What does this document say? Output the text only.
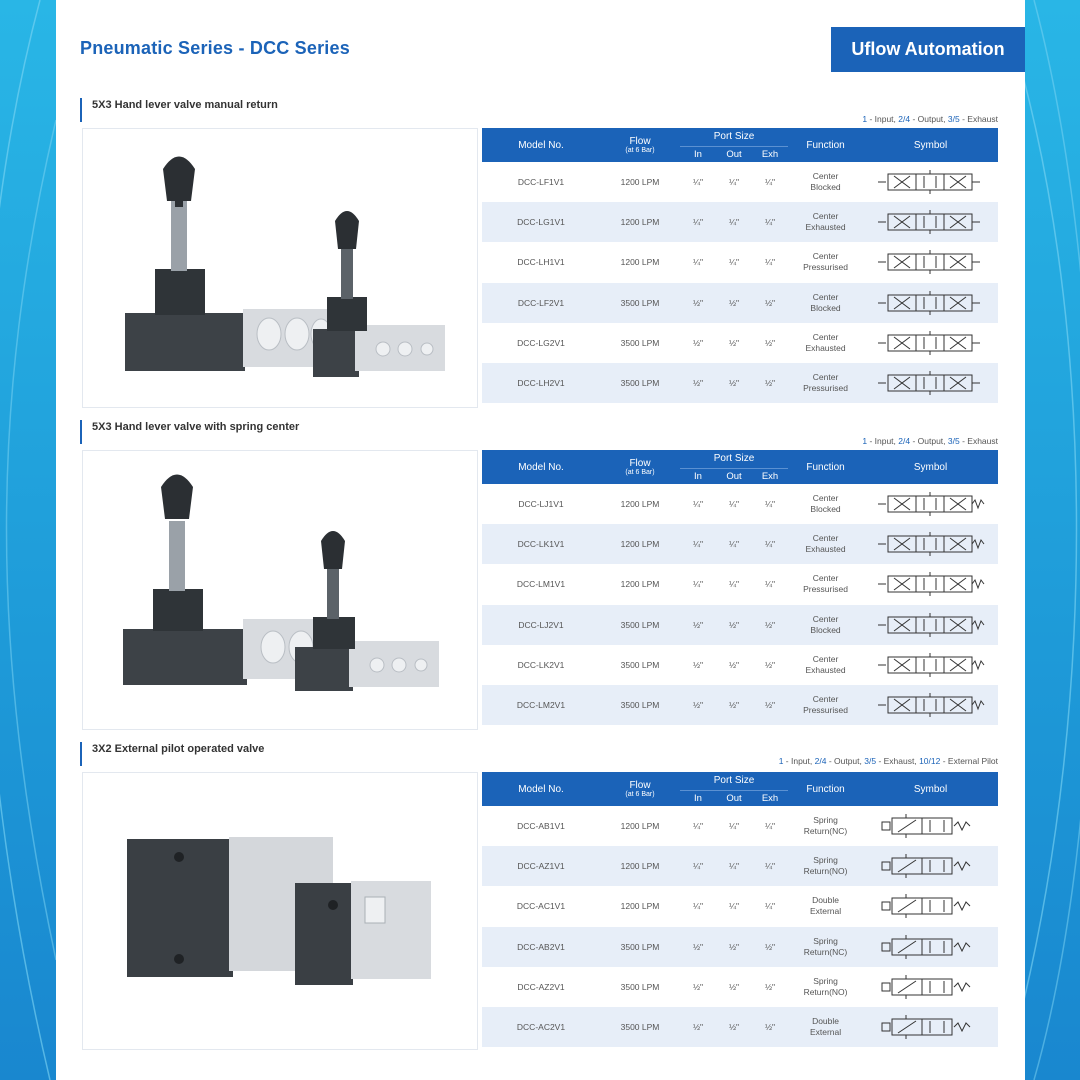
Pneumatic Series - DCC Series	Uflow Automation
5X3 Hand lever valve manual return
1 - Input, 2/4 - Output, 3/5 - Exhaust
Model No.	Flow
(at 6 Bar)	Port Size			Function	Symbol
		In	Out	Exh		
DCC-LF1V1	1200 LPM	¼"	¼"	¼"	Center
Blocked

DCC-LG1V1	1200 LPM	¼"	¼"	¼"	Center
Exhausted

DCC-LH1V1	1200 LPM	¼"	¼"	¼"	Center
Pressurised

DCC-LF2V1	3500 LPM	½"	½"	½"	Center
Blocked

DCC-LG2V1	3500 LPM	½"	½"	½"	Center
Exhausted

DCC-LH2V1	3500 LPM	½"	½"	½"	Center
Pressurised

5X3 Hand lever valve with spring center
1 - Input, 2/4 - Output, 3/5 - Exhaust
Model No.	Flow
(at 6 Bar)	Port Size			Function	Symbol
		In	Out	Exh		
DCC-LJ1V1	1200 LPM	¼"	¼"	¼"	Center
Blocked

DCC-LK1V1	1200 LPM	¼"	¼"	¼"	Center
Exhausted

DCC-LM1V1	1200 LPM	¼"	¼"	¼"	Center
Pressurised

DCC-LJ2V1	3500 LPM	½"	½"	½"	Center
Blocked

DCC-LK2V1	3500 LPM	½"	½"	½"	Center
Exhausted

DCC-LM2V1	3500 LPM	½"	½"	½"	Center
Pressurised

3X2 External pilot operated valve
1 - Input, 2/4 - Output, 3/5 - Exhaust, 10/12 - External Pilot
Model No.	Flow
(at 6 Bar)	Port Size			Function	Symbol
		In	Out	Exh		
DCC-AB1V1	1200 LPM	¼"	¼"	¼"	Spring
Return(NC)

DCC-AZ1V1	1200 LPM	¼"	¼"	¼"	Spring
Return(NO)

DCC-AC1V1	1200 LPM	¼"	¼"	¼"	Double
External

DCC-AB2V1	3500 LPM	½"	½"	½"	Spring
Return(NC)

DCC-AZ2V1	3500 LPM	½"	½"	½"	Spring
Return(NO)

DCC-AC2V1	3500 LPM	½"	½"	½"	Double
External
